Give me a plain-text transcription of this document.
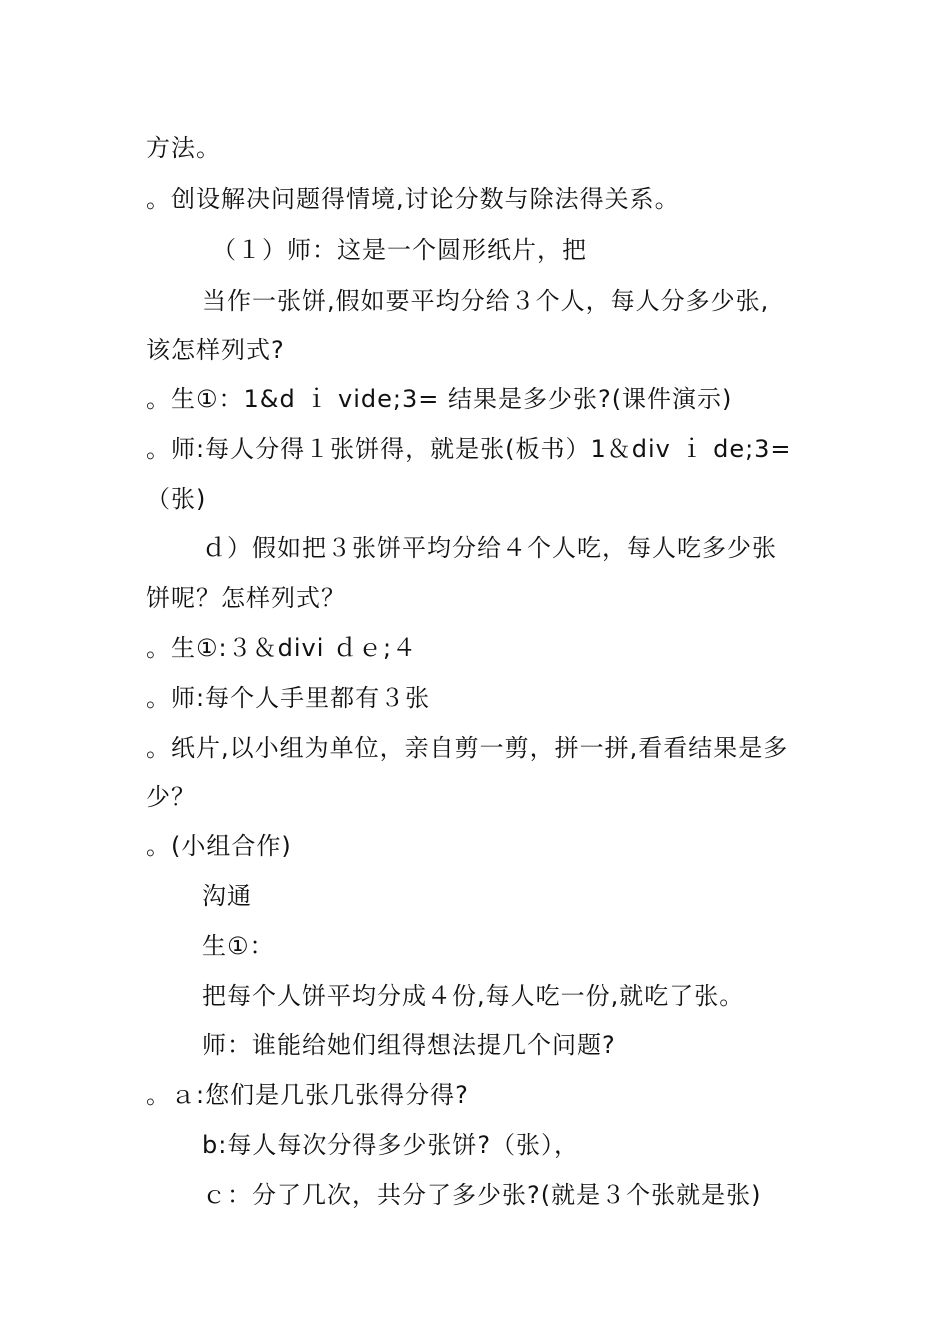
方法。
。创设解决问题得情境,讨论分数与除法得关系。
（１）师：这是一个圆形纸片，把
当作一张饼,假如要平均分给３个人，每人分多少张,
该怎样列式?
。生①：1&d ｉ vide;3= 结果是多少张?(课件演示)
。师:每人分得１张饼得，就是张(板书）1＆div ｉ de;3=
（张)
ｄ）假如把３张饼平均分给４个人吃，每人吃多少张
饼呢？怎样列式？
。生①:３＆divi ｄｅ;４
。师:每个人手里都有３张
。纸片,以小组为单位，亲自剪一剪，拼一拼,看看结果是多
少？
。(小组合作)
沟通
生①：
把每个人饼平均分成４份,每人吃一份,就吃了张。
师：谁能给她们组得想法提几个问题?
。ａ:您们是几张几张得分得?
b:每人每次分得多少张饼?（张），
ｃ：分了几次，共分了多少张?(就是３个张就是张)
